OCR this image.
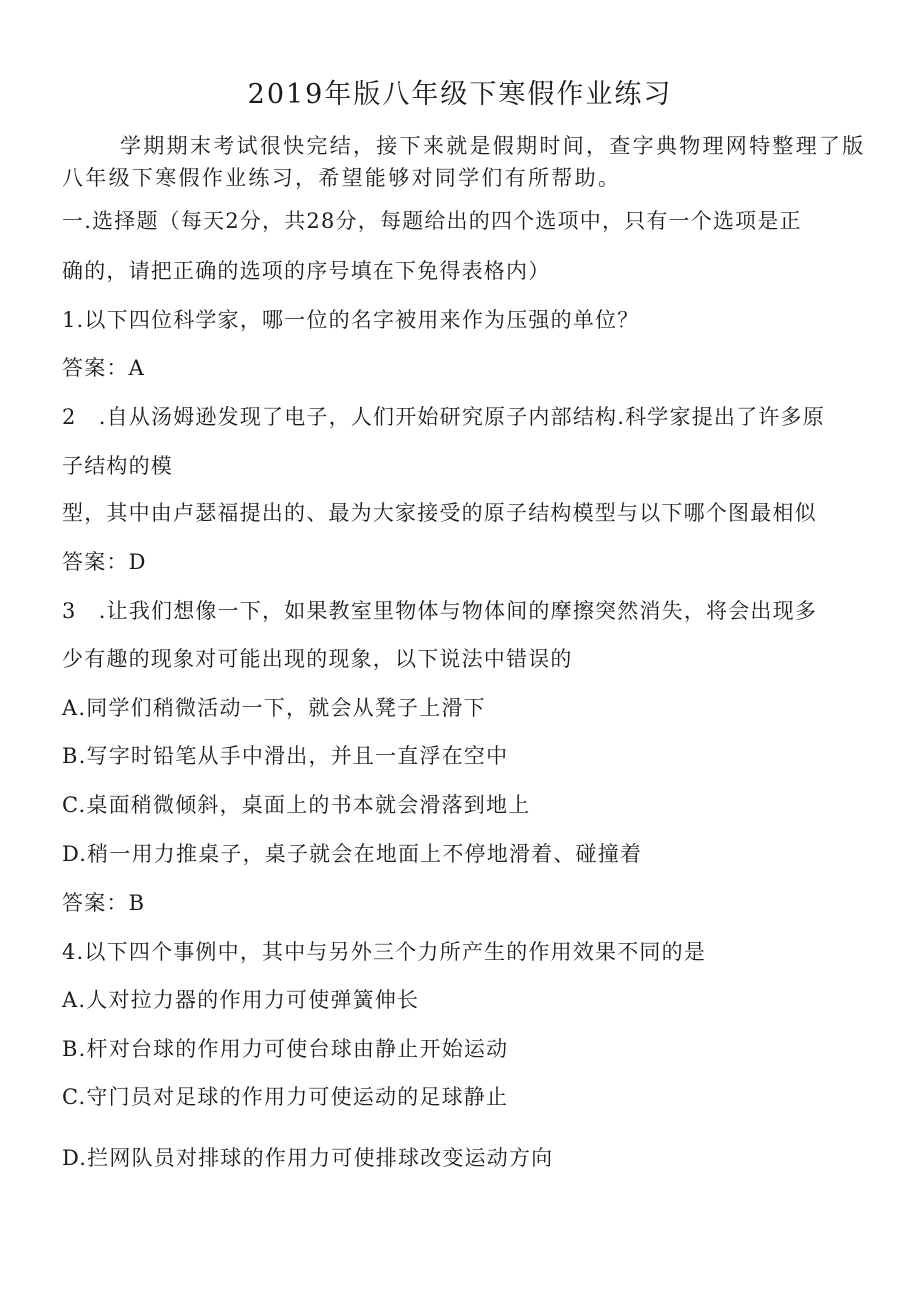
2019年版八年级下寒假作业练习
学期期末考试很快完结，接下来就是假期时间，查字典物理网特整理了版
八年级下寒假作业练习，希望能够对同学们有所帮助。
一.选择题（每天2分，共28分，每题给出的四个选项中，只有一个选项是正
确的，请把正确的选项的序号填在下免得表格内）
1.以下四位科学家，哪一位的名字被用来作为压强的单位？
答案：A
2　.自从汤姆逊发现了电子，人们开始研究原子内部结构.科学家提出了许多原
子结构的模
型，其中由卢瑟福提出的、最为大家接受的原子结构模型与以下哪个图最相似
答案：D
3　.让我们想像一下，如果教室里物体与物体间的摩擦突然消失，将会出现多
少有趣的现象对可能出现的现象，以下说法中错误的
A.同学们稍微活动一下，就会从凳子上滑下
B.写字时铅笔从手中滑出，并且一直浮在空中
C.桌面稍微倾斜，桌面上的书本就会滑落到地上
D.稍一用力推桌子，桌子就会在地面上不停地滑着、碰撞着
答案：B
4.以下四个事例中，其中与另外三个力所产生的作用效果不同的是
A.人对拉力器的作用力可使弹簧伸长
B.杆对台球的作用力可使台球由静止开始运动
C.守门员对足球的作用力可使运动的足球静止
D.拦网队员对排球的作用力可使排球改变运动方向
